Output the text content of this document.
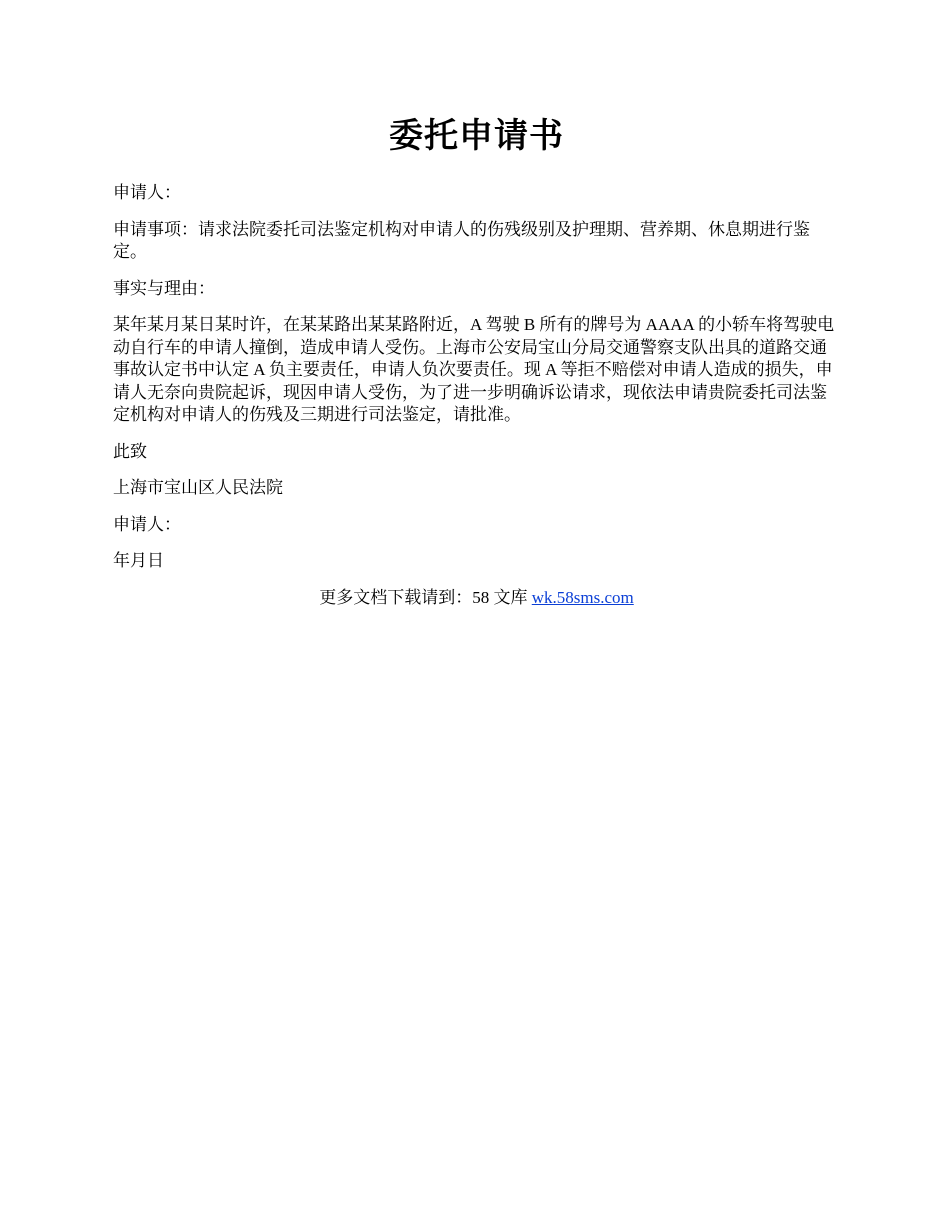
委托申请书

申请人：

申请事项：请求法院委托司法鉴定机构对申请人的伤残级别及护理期、营养期、休息期进行鉴定。

事实与理由：

某年某月某日某时许，在某某路出某某路附近，A 驾驶 B 所有的牌号为 AAAA 的小轿车将驾驶电动自行车的申请人撞倒，造成申请人受伤。上海市公安局宝山分局交通警察支队出具的道路交通事故认定书中认定 A 负主要责任，申请人负次要责任。现 A 等拒不赔偿对申请人造成的损失，申请人无奈向贵院起诉，现因申请人受伤，为了进一步明确诉讼请求，现依法申请贵院委托司法鉴定机构对申请人的伤残及三期进行司法鉴定，请批准。

此致

上海市宝山区人民法院

申请人：

年月日

更多文档下载请到：58 文库 wk.58sms.com
